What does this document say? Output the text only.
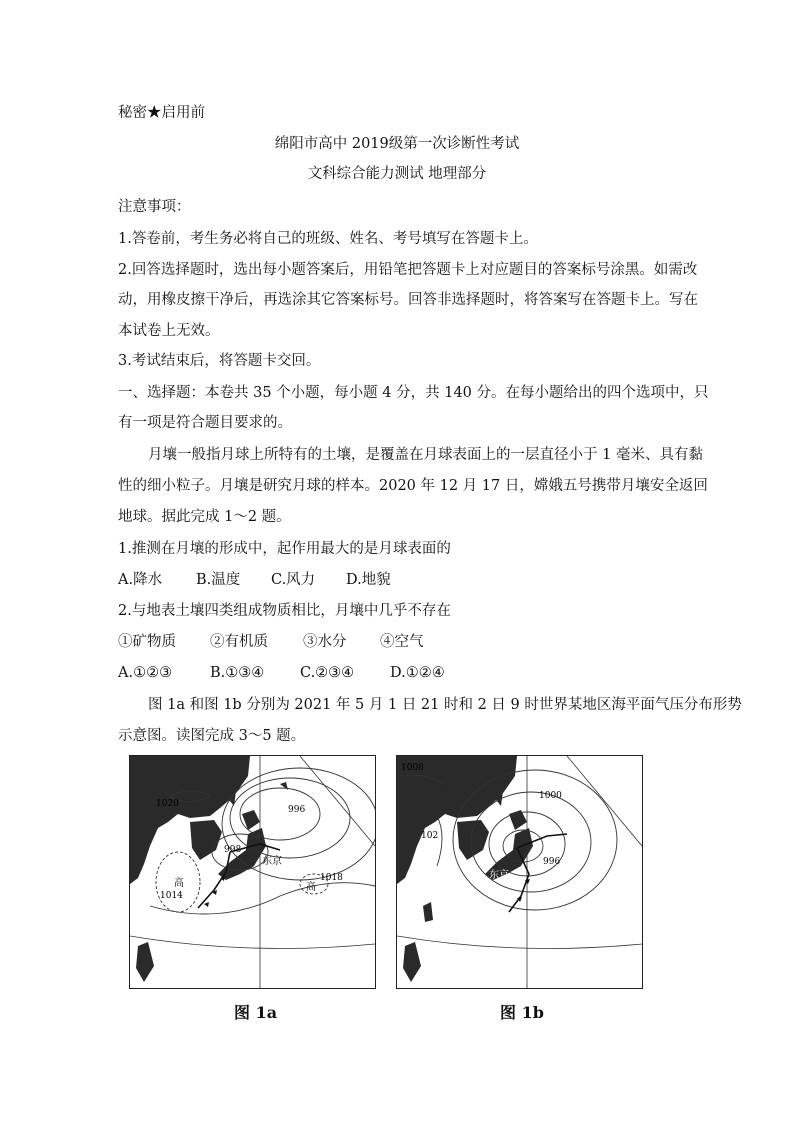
秘密★启用前
绵阳市高中 2019级第一次诊断性考试
文科综合能力测试 地理部分
注意事项：
1.答卷前，考生务必将自己的班级、姓名、考号填写在答题卡上。
2.回答选择题时，选出每小题答案后，用铅笔把答题卡上对应题目的答案标号涂黑。如需改
动，用橡皮擦干净后，再选涂其它答案标号。回答非选择题时，将答案写在答题卡上。写在
本试卷上无效。
3.考试结束后，将答题卡交回。
一、选择题：本卷共 35 个小题，每小题 4 分，共 140 分。在每小题给出的四个选项中，只
有一项是符合题目要求的。
月壤一般指月球上所特有的土壤，是覆盖在月球表面上的一层直径小于 1 毫米、具有黏
性的细小粒子。月壤是研究月球的样本。2020 年 12 月 17 日，嫦娥五号携带月壤安全返回
地球。据此完成 1～2 题。
1.推测在月壤的形成中，起作用最大的是月球表面的
A.降水 B.温度 C.风力 D.地貌
2.与地表土壤四类组成物质相比，月壤中几乎不存在
①矿物质 ②有机质 ③水分 ④空气
A.①②③	B.①③④ C.②③④ D.①②④
图 1a 和图 1b 分别为 2021 年 5 月 1 日 21 时和 2 日 9 时世界某地区海平面气压分布形势
示意图。读图完成 3～5 题。
1020
996
998
东京
高
1014
1018
高
图 1a
1008
1000
102
996
东京
图 1b
